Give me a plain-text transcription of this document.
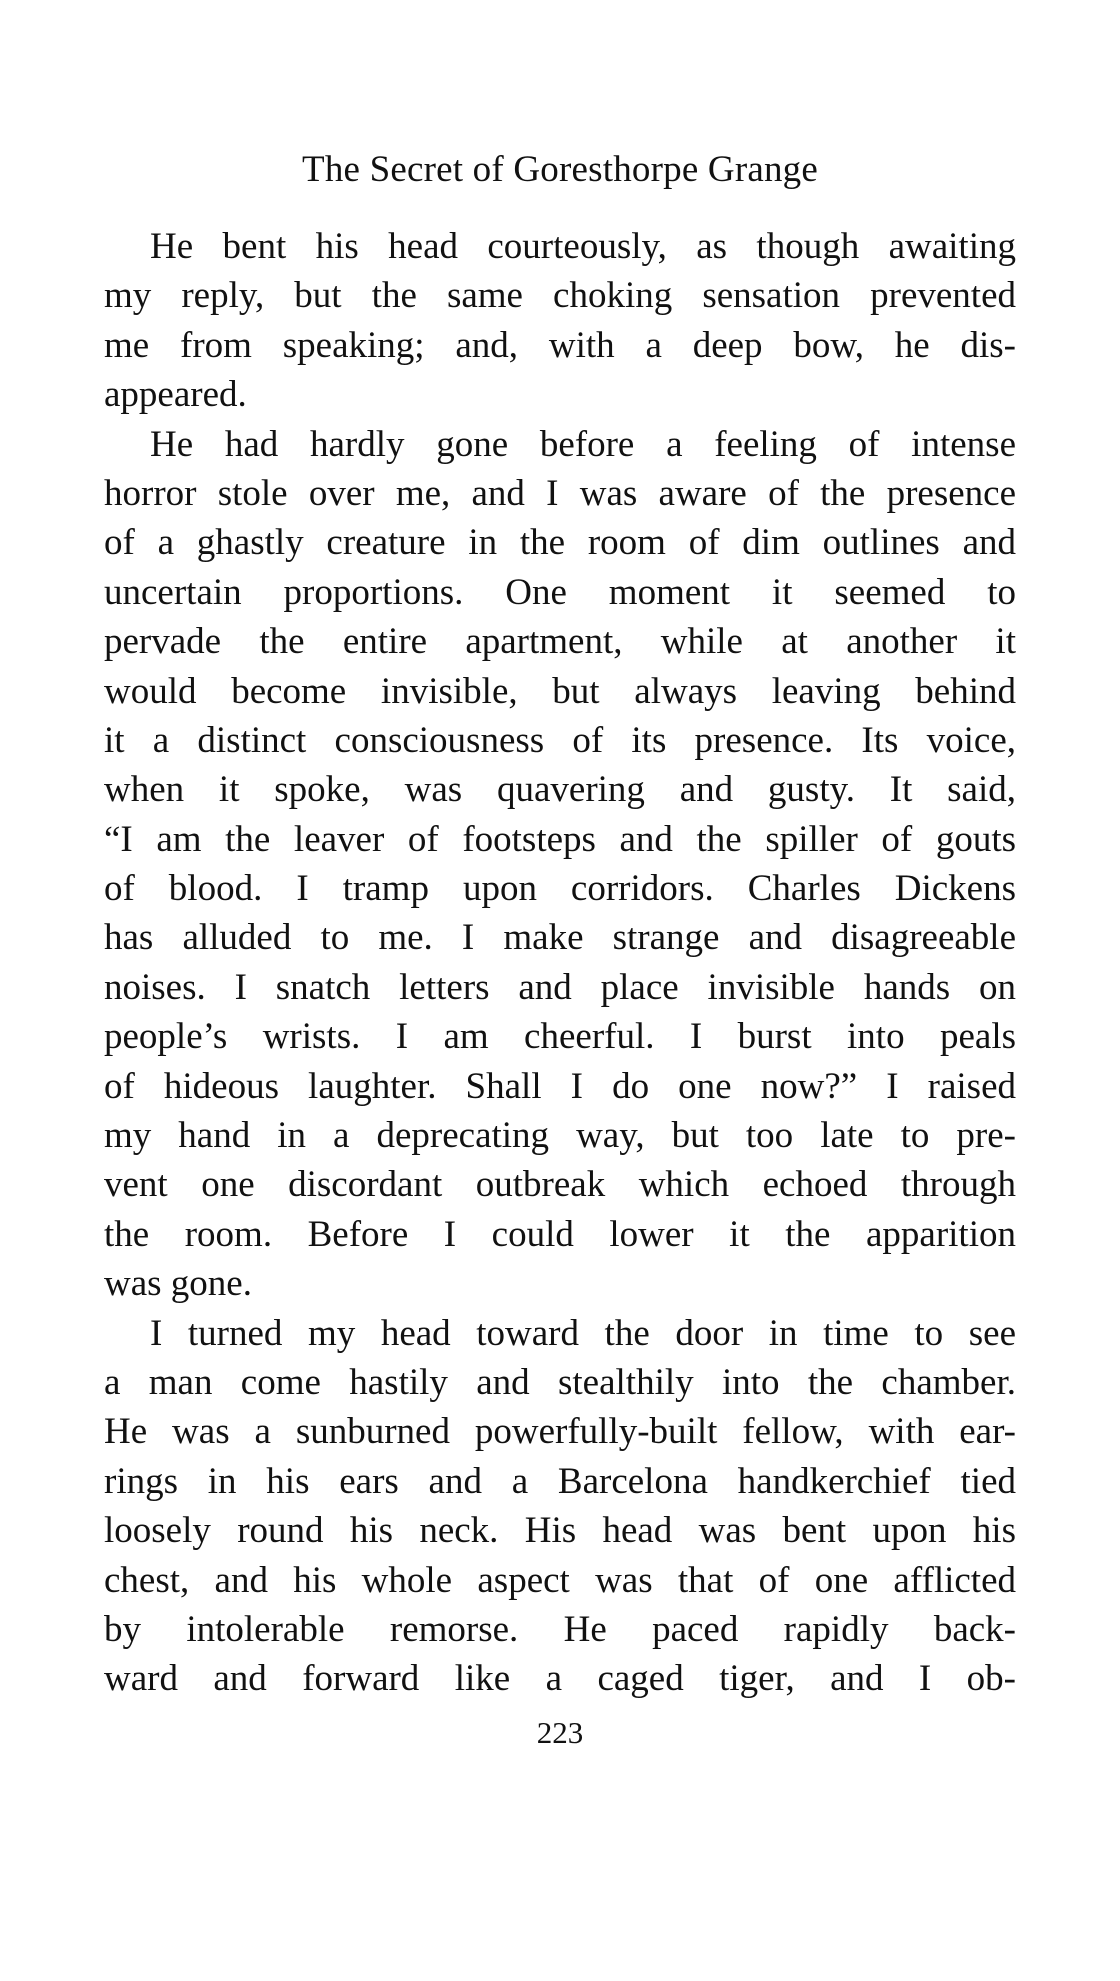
The Secret of Goresthorpe Grange
He bent his head courteously, as though awaiting
my reply, but the same choking sensation prevented
me from speaking; and, with a deep bow, he dis-
appeared.
He had hardly gone before a feeling of intense
horror stole over me, and I was aware of the presence
of a ghastly creature in the room of dim outlines and
uncertain proportions. One moment it seemed to
pervade the entire apartment, while at another it
would become invisible, but always leaving behind
it a distinct consciousness of its presence. Its voice,
when it spoke, was quavering and gusty. It said,
“I am the leaver of footsteps and the spiller of gouts
of blood. I tramp upon corridors. Charles Dickens
has alluded to me. I make strange and disagreeable
noises. I snatch letters and place invisible hands on
people’s wrists. I am cheerful. I burst into peals
of hideous laughter. Shall I do one now?” I raised
my hand in a deprecating way, but too late to pre-
vent one discordant outbreak which echoed through
the room. Before I could lower it the apparition
was gone.
I turned my head toward the door in time to see
a man come hastily and stealthily into the chamber.
He was a sunburned powerfully-built fellow, with ear-
rings in his ears and a Barcelona handkerchief tied
loosely round his neck. His head was bent upon his
chest, and his whole aspect was that of one afflicted
by intolerable remorse. He paced rapidly back-
ward and forward like a caged tiger, and I ob-
223
